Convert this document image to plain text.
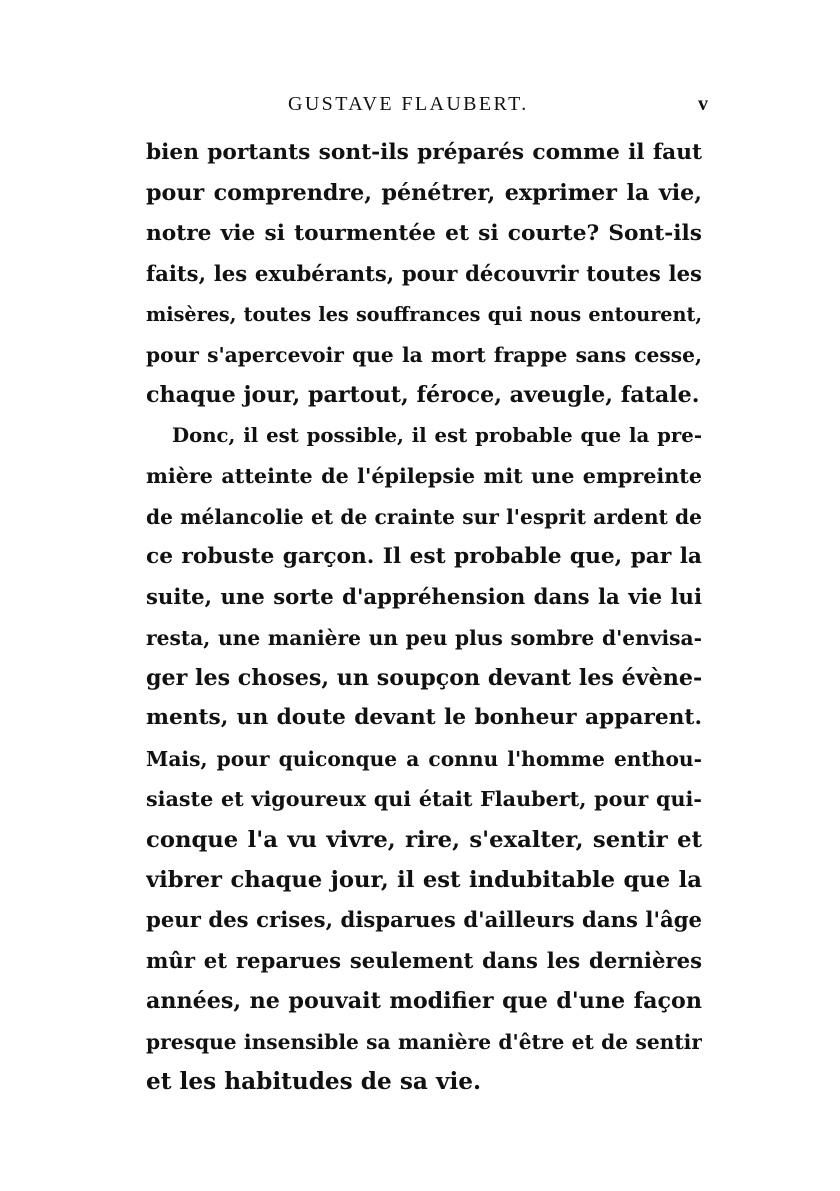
GUSTAVE FLAUBERT.	v
bien portants sont-ils préparés comme il faut
pour comprendre, pénétrer, exprimer la vie,
notre vie si tourmentée et si courte? Sont-ils
faits, les exubérants, pour découvrir toutes les
misères, toutes les souffrances qui nous entourent,
pour s'apercevoir que la mort frappe sans cesse,
chaque jour, partout, féroce, aveugle, fatale.
Donc, il est possible, il est probable que la pre-
mière atteinte de l'épilepsie mit une empreinte
de mélancolie et de crainte sur l'esprit ardent de
ce robuste garçon. Il est probable que, par la
suite, une sorte d'appréhension dans la vie lui
resta, une manière un peu plus sombre d'envisa-
ger les choses, un soupçon devant les évène-
ments, un doute devant le bonheur apparent.
Mais, pour quiconque a connu l'homme enthou-
siaste et vigoureux qui était Flaubert, pour qui-
conque l'a vu vivre, rire, s'exalter, sentir et
vibrer chaque jour, il est indubitable que la
peur des crises, disparues d'ailleurs dans l'âge
mûr et reparues seulement dans les dernières
années, ne pouvait modifier que d'une façon
presque insensible sa manière d'être et de sentir
et les habitudes de sa vie.
